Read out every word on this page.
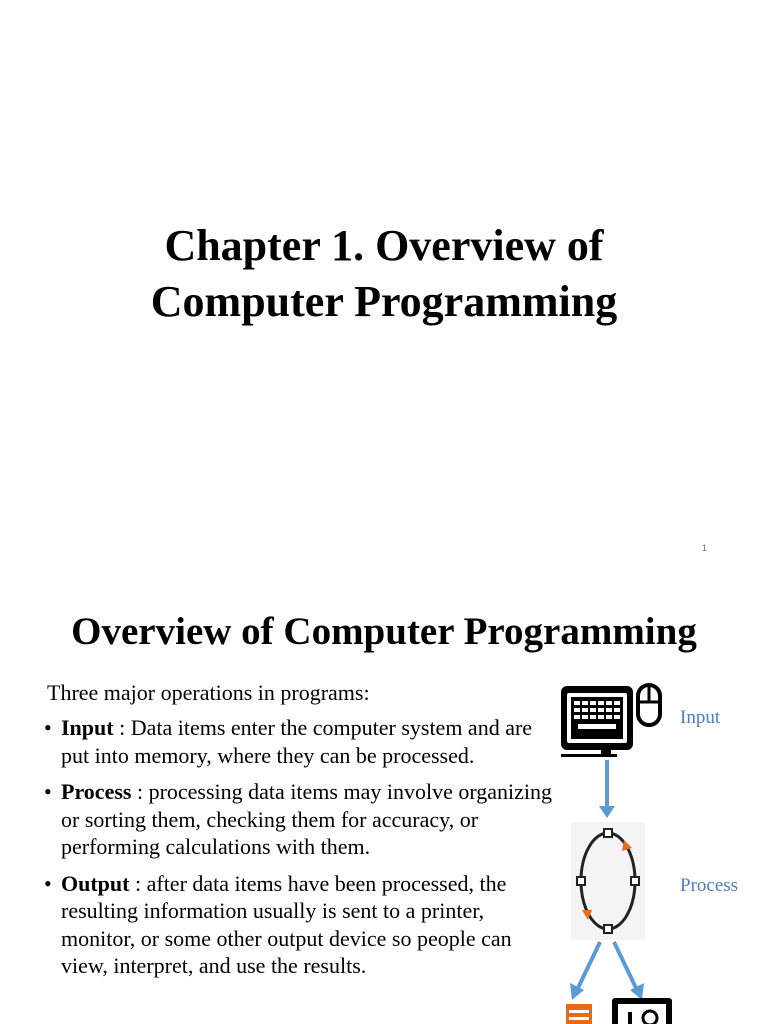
Chapter 1. Overview of
Computer Programming
1
Overview of Computer Programming
Three major operations in programs:
• Input : Data items enter the computer system and are put into memory, where they can be processed.
• Process : processing data items may involve organizing or sorting them, checking them for accuracy, or performing calculations with them.
• Output : after data items have been processed, the resulting information usually is sent to a printer, monitor, or some other output device so people can view, interpret, and use the results.
Input
Process
